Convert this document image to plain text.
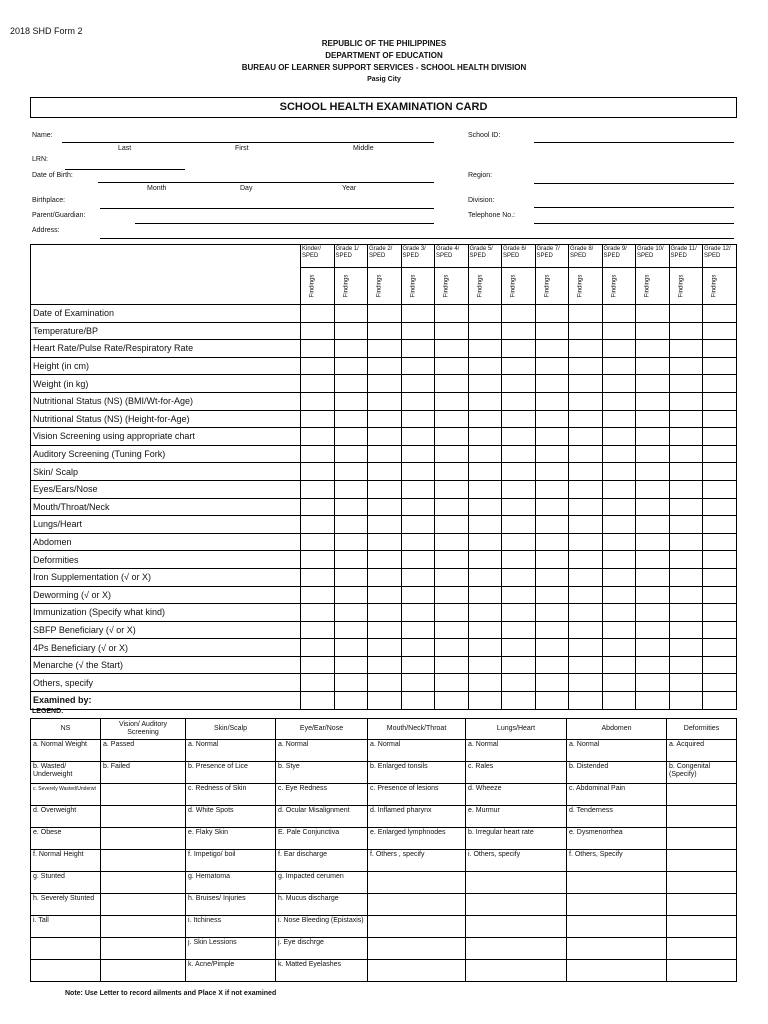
2018 SHD Form 2
REPUBLIC OF THE PHILIPPINES
DEPARTMENT OF EDUCATION
BUREAU OF LEARNER SUPPORT SERVICES - SCHOOL HEALTH DIVISION
Pasig City
SCHOOL HEALTH EXAMINATION CARD
Name:
Last	First	Middle
School ID:
LRN:
Date of Birth:
Month	Day	Year
Region:
Birthplace:	Division:
Parent/Guardian:	Telephone No.:
Address:
	Kinder/ SPED	Grade 1/ SPED	Grade 2/ SPED	Grade 3/ SPED	Grade 4/ SPED	Grade 5/ SPED	Grade 6/ SPED	Grade 7/ SPED	Grade 8/ SPED	Grade 9/ SPED	Grade 10/ SPED	Grade 11/ SPED	Grade 12/ SPED
	Findings	Findings	Findings	Findings	Findings	Findings	Findings	Findings	Findings	Findings	Findings	Findings	Findings
Date of Examination													
Temperature/BP													
Heart Rate/Pulse Rate/Respiratory Rate													
Height (in cm)													
Weight (in kg)													
Nutritional Status (NS) (BMI/Wt-for-Age)													
Nutritional Status (NS) (Height-for-Age)													
Vision Screening using appropriate chart													
Auditory Screening (Tuning Fork)													
Skin/ Scalp													
Eyes/Ears/Nose													
Mouth/Throat/Neck													
Lungs/Heart													
Abdomen													
Deformities													
Iron Supplementation (√ or X)													
Deworming (√ or X)													
Immunization (Specify what kind)													
SBFP Beneficiary (√ or X)													
4Ps Beneficiary (√ or X)													
Menarche (√ the Start)													
Others, specify													
Examined by:													
LEGEND:
NS	Vision/ Auditory Screening	Skin/Scalp	Eye/Ear/Nose	Mouth/Neck/Throat	Lungs/Heart	Abdomen	Deformities
a. Normal Weight	a. Passed	a. Normal	a. Normal	a. Normal	a. Normal	a. Normal	a. Acquired
b. Wasted/ Underweight	b. Failed	b. Presence of Lice	b. Stye	b. Enlarged tonsils	c. Rales	b. Distended	b. Congenital (Specify)
c. Severely Wasted/Underwt		c. Redness of Skin	c. Eye Redness	c. Presence of lesions	d. Wheeze	c. Abdominal Pain	
d. Overweight		d. White Spots	d. Ocular Misalignment	d. Inflamed pharynx	e. Murmur	d. Tenderness	
e. Obese		e. Flaky Skin	E. Pale Conjunctiva	e. Enlarged lymphnodes	b. Irregular heart rate	e. Dysmenorrhea	
f. Normal Height		f. Impetigo/ boil	f. Ear discharge	f. Others , specify	i. Others, specify	f. Others, Specify	
g. Stunted		g. Hematoma	g. Impacted cerumen				
h. Severely Stunted		h. Bruises/ Injuries	h. Mucus discharge				
i. Tall		i. Itchiness	i. Nose Bleeding (Epistaxis)				
		j. Skin Lessions	j. Eye dischrge				
		k. Acne/Pimple	k. Matted Eyelashes				
Note: Use Letter to record ailments and Place X if not examined
